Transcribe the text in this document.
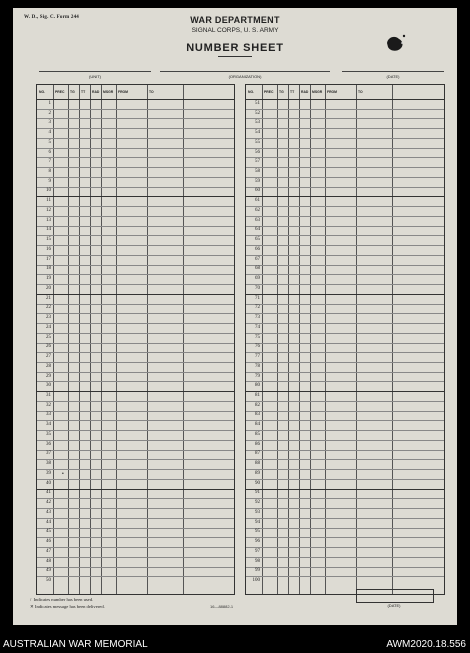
W. D., Sig. C. Form 244	WAR DEPARTMENT
SIGNAL CORPS, U. S. ARMY
NUMBER SHEET
(UNIT)	(ORGANIZATION)	(DATE)
NO.	PREC TG TT RAD MSGR FROM	TO
1
2
3
4
5
6
7
8
9
10
11
12
13
14
15
16
17
18
19
20
21
22
23
24
25
26
27
28
29
30
31
32
33
34
35
36
37
38
39 •
40
41
42
43
44
45
46
47
48
49
50
NO.	PREC TG TT RAD MSGR FROM	TO
51
52
53
54
55
56
57
58
59
60
61
62
63
64
65
66
67
68
69
70
71
72
73
74
75
76
77
78
79
80
81
82
83
84
85
86
87
88
89
90
91
92
93
94
95
96
97
98
99
100
/ Indicates number has been used.
✕ Indicates message has been delivered.	16—88882-1	(DATE)
AUSTRALIAN WAR MEMORIAL	AWM2020.18.556
